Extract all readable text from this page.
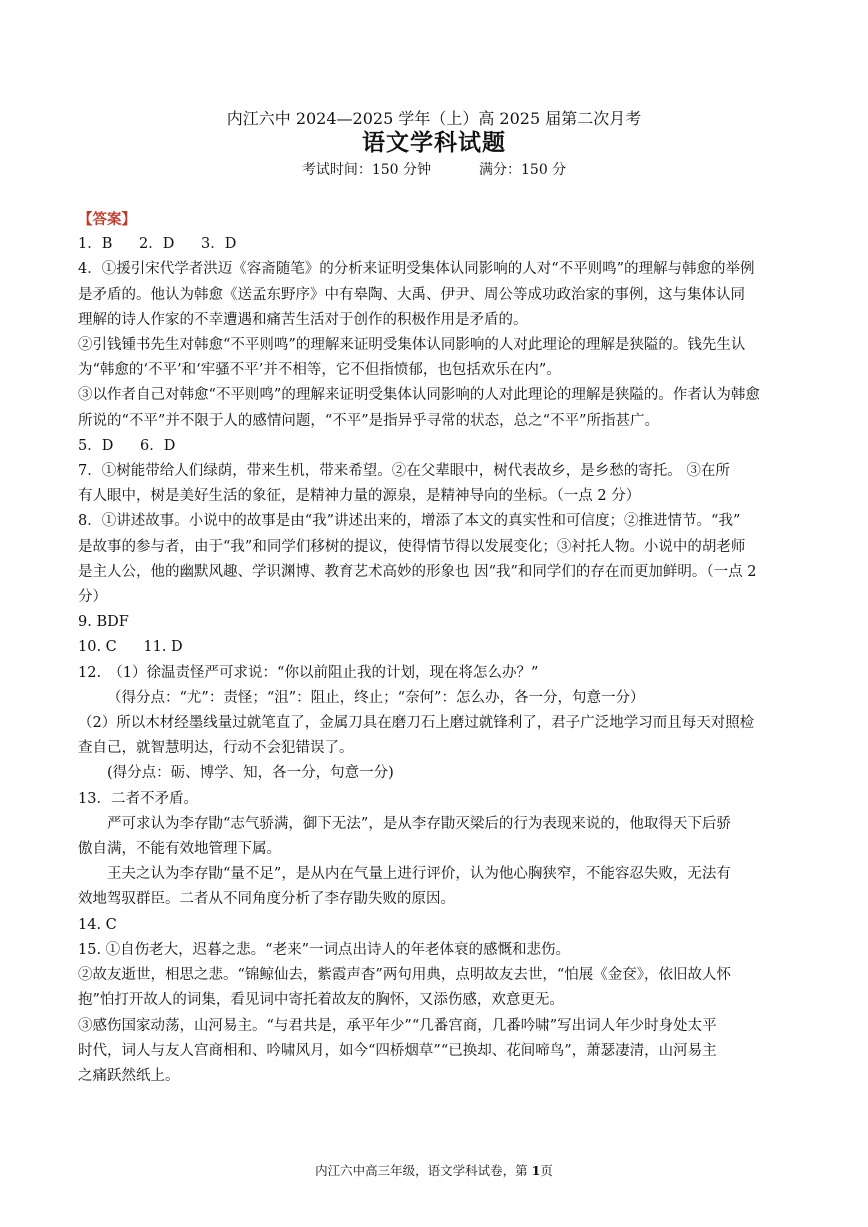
内江六中 2024—2025 学年（上）高 2025 届第二次月考
语文学科试题
考试时间：150 分钟	满分：150 分

【答案】

1．B 2．D 3．D

4．①援引宋代学者洪迈《容斋随笔》的分析来证明受集体认同影响的人对“不平则鸣”的理解与韩愈的举例

是矛盾的。他认为韩愈《送孟东野序》中有皋陶、大禹、伊尹、周公等成功政治家的事例，这与集体认同

理解的诗人作家的不幸遭遇和痛苦生活对于创作的积极作用是矛盾的。

②引钱锺书先生对韩愈“不平则鸣”的理解来证明受集体认同影响的人对此理论的理解是狭隘的。钱先生认

为“韩愈的‘不平’和‘牢骚不平’并不相等，它不但指愤郁，也包括欢乐在内”。

③以作者自己对韩愈“不平则鸣”的理解来证明受集体认同影响的人对此理论的理解是狭隘的。作者认为韩愈

所说的“不平”并不限于人的感情问题，“不平”是指异乎寻常的状态，总之“不平”所指甚广。

5．D 6．D

7．①树能带给人们绿荫，带来生机，带来希望。②在父辈眼中，树代表故乡，是乡愁的寄托。 ③在所

有人眼中，树是美好生活的象征，是精神力量的源泉，是精神导向的坐标。（一点 2 分）

8．①讲述故事。小说中的故事是由“我”讲述出来的，增添了本文的真实性和可信度；②推进情节。“我”

是故事的参与者，由于“我”和同学们移树的提议，使得情节得以发展变化；③衬托人物。小说中的胡老师

是主人公，他的幽默风趣、学识渊博、教育艺术高妙的形象也 因“我”和同学们的存在而更加鲜明。（一点 2

分）

9. BDF

10. C 11. D

12.　（1）徐温责怪严可求说：“你以前阻止我的计划，现在将怎么办？”

（得分点：“尤”：责怪；“沮”：阻止，终止；“奈何”：怎么办，各一分，句意一分）

（2）所以木材经墨线量过就笔直了，金属刀具在磨刀石上磨过就锋利了，君子广泛地学习而且每天对照检

查自己，就智慧明达，行动不会犯错误了。

(得分点：砺、博学、知，各一分，句意一分)

13．二者不矛盾。

严可求认为李存勖“志气骄满，御下无法”，是从李存勖灭梁后的行为表现来说的，他取得天下后骄

傲自满，不能有效地管理下属。

王夫之认为李存勖“量不足”，是从内在气量上进行评价，认为他心胸狭窄，不能容忍失败，无法有

效地驾驭群臣。二者从不同角度分析了李存勖失败的原因。

14. C

15. ①自伤老大，迟暮之悲。“老来”一词点出诗人的年老体衰的感慨和悲伤。

②故友逝世，相思之悲。“锦鲸仙去，紫霞声杳”两句用典，点明故友去世，“怕展《金奁》，依旧故人怀

抱”怕打开故人的词集，看见词中寄托着故友的胸怀，又添伤感，欢意更无。

③感伤国家动荡，山河易主。“与君共是，承平年少”“几番宫商，几番吟啸”写出词人年少时身处太平

时代，词人与友人宫商相和、吟啸风月，如今“四桥烟草”“已换却、花间啼鸟”，萧瑟凄清，山河易主

之痛跃然纸上。

内江六中高三年级，语文学科试卷，第 1页
